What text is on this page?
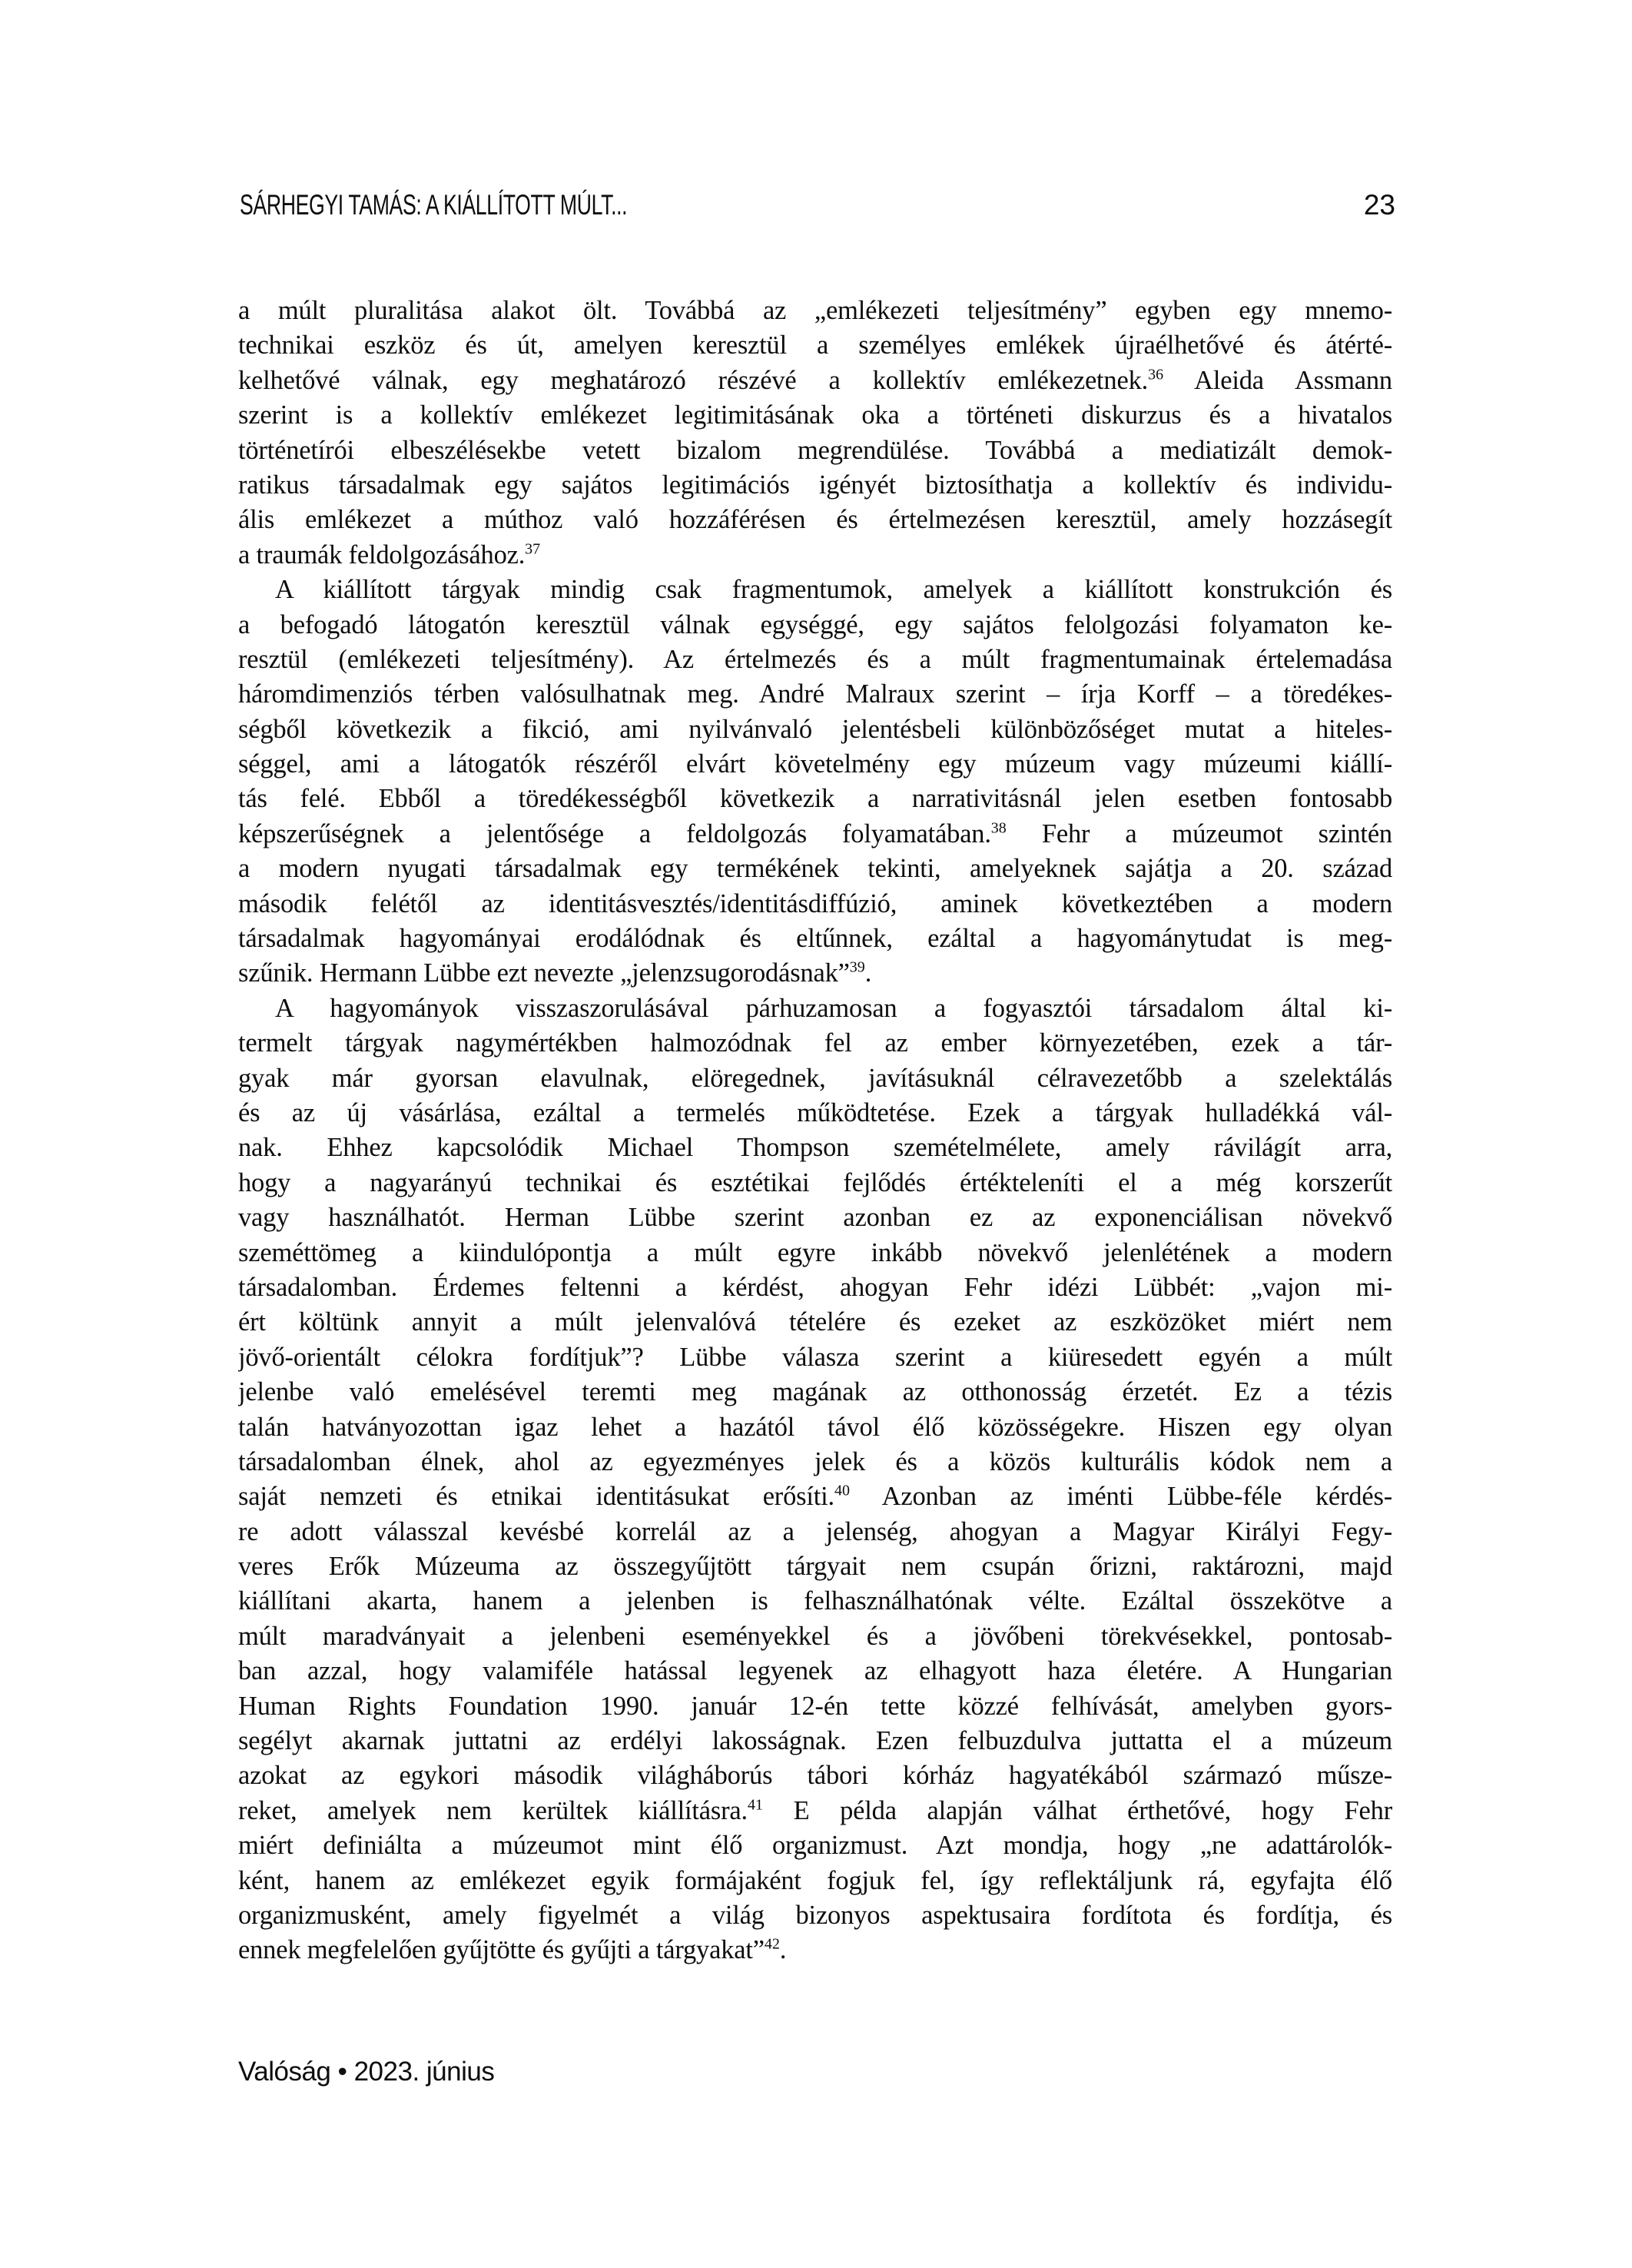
SÁRHEGYI TAMÁS: A KIÁLLÍTOTT MÚLT...	23
a múlt pluralitása alakot ölt. Továbbá az „emlékezeti teljesítmény” egyben egy mnemo-
technikai eszköz és út, amelyen keresztül a személyes emlékek újraélhetővé és átérté-
kelhetővé válnak, egy meghatározó részévé a kollektív emlékezetnek.$^{36}$ Aleida Assmann
szerint is a kollektív emlékezet legitimitásának oka a történeti diskurzus és a hivatalos
történetírói elbeszélésekbe vetett bizalom megrendülése. Továbbá a mediatizált demok-
ratikus társadalmak egy sajátos legitimációs igényét biztosíthatja a kollektív és individu-
ális emlékezet a múthoz való hozzáférésen és értelmezésen keresztül, amely hozzásegít
a traumák feldolgozásához.$^{37}$
A kiállított tárgyak mindig csak fragmentumok, amelyek a kiállított konstrukción és
a befogadó látogatón keresztül válnak egységgé, egy sajátos felolgozási folyamaton ke-
resztül (emlékezeti teljesítmény). Az értelmezés és a múlt fragmentumainak értelemadása
háromdimenziós térben valósulhatnak meg. André Malraux szerint – írja Korff – a töredékes-
ségből következik a fikció, ami nyilvánvaló jelentésbeli különbözőséget mutat a hiteles-
séggel, ami a látogatók részéről elvárt követelmény egy múzeum vagy múzeumi kiállí-
tás felé. Ebből a töredékességből következik a narrativitásnál jelen esetben fontosabb
képszerűségnek a jelentősége a feldolgozás folyamatában.$^{38}$ Fehr a múzeumot szintén
a modern nyugati társadalmak egy termékének tekinti, amelyeknek sajátja a 20. század
második felétől az identitásvesztés/identitásdiffúzió, aminek következtében a modern
társadalmak hagyományai erodálódnak és eltűnnek, ezáltal a hagyománytudat is meg-
szűnik. Hermann Lübbe ezt nevezte „jelenzsugorodásnak”$^{39}$.
A hagyományok visszaszorulásával párhuzamosan a fogyasztói társadalom által ki-
termelt tárgyak nagymértékben halmozódnak fel az ember környezetében, ezek a tár-
gyak már gyorsan elavulnak, elöregednek, javításuknál célravezetőbb a szelektálás
és az új vásárlása, ezáltal a termelés működtetése. Ezek a tárgyak hulladékká vál-
nak. Ehhez kapcsolódik Michael Thompson szemételmélete, amely rávilágít arra,
hogy a nagyarányú technikai és esztétikai fejlődés értékteleníti el a még korszerűt
vagy használhatót. Herman Lübbe szerint azonban ez az exponenciálisan növekvő
szeméttömeg a kiindulópontja a múlt egyre inkább növekvő jelenlétének a modern
társadalomban. Érdemes feltenni a kérdést, ahogyan Fehr idézi Lübbét: „vajon mi-
ért költünk annyit a múlt jelenvalóvá tételére és ezeket az eszközöket miért nem
jövő-orientált célokra fordítjuk”? Lübbe válasza szerint a kiüresedett egyén a múlt
jelenbe való emelésével teremti meg magának az otthonosság érzetét. Ez a tézis
talán hatványozottan igaz lehet a hazától távol élő közösségekre. Hiszen egy olyan
társadalomban élnek, ahol az egyezményes jelek és a közös kulturális kódok nem a
saját nemzeti és etnikai identitásukat erősíti.$^{40}$ Azonban az iménti Lübbe-féle kérdés-
re adott válasszal kevésbé korrelál az a jelenség, ahogyan a Magyar Királyi Fegy-
veres Erők Múzeuma az összegyűjtött tárgyait nem csupán őrizni, raktározni, majd
kiállítani akarta, hanem a jelenben is felhasználhatónak vélte. Ezáltal összekötve a
múlt maradványait a jelenbeni eseményekkel és a jövőbeni törekvésekkel, pontosab-
ban azzal, hogy valamiféle hatással legyenek az elhagyott haza életére. A Hungarian
Human Rights Foundation 1990. január 12-én tette közzé felhívását, amelyben gyors-
segélyt akarnak juttatni az erdélyi lakosságnak. Ezen felbuzdulva juttatta el a múzeum
azokat az egykori második világháborús tábori kórház hagyatékából származó műsze-
reket, amelyek nem kerültek kiállításra.$^{41}$ E példa alapján válhat érthetővé, hogy Fehr
miért definiálta a múzeumot mint élő organizmust. Azt mondja, hogy „ne adattárolók-
ként, hanem az emlékezet egyik formájaként fogjuk fel, így reflektáljunk rá, egyfajta élő
organizmusként, amely figyelmét a világ bizonyos aspektusaira fordítota és fordítja, és
ennek megfelelően gyűjtötte és gyűjti a tárgyakat”$^{42}$.
Valóság • 2023. június
